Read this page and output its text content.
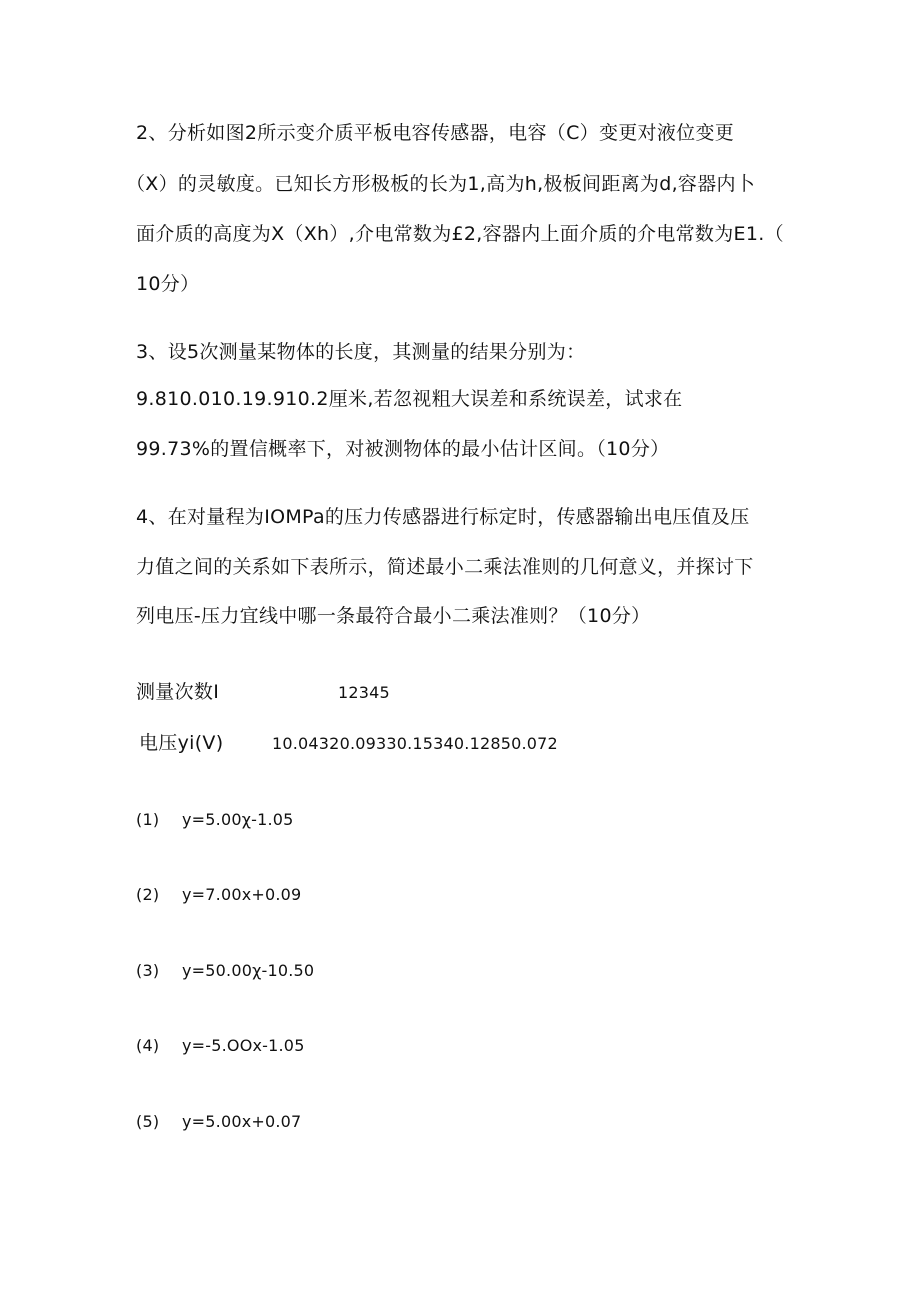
2、分析如图2所示变介质平板电容传感器，电容（C）变更对液位变更
（X）的灵敏度。已知长方形极板的长为1,高为h,极板间距离为d,容器内卜
面介质的高度为X（Xh）,介电常数为£2,容器内上面介质的介电常数为E1.（
10分）
3、设5次测量某物体的长度，其测量的结果分别为：
9.810.010.19.910.2厘米,若忽视粗大误差和系统误差，试求在
99.73%的置信概率下，对被测物体的最小估计区间。（10分）
4、在对量程为IOMPa的压力传感器进行标定时，传感器输出电压值及压
力值之间的关系如下表所示，简述最小二乘法准则的几何意义，并探讨下
列电压-压力宜线中哪一条最符合最小二乘法准则？（10分）
测量次数I	12345
电压yi(V)	10.04320.09330.15340.12850.072
(1) y=5.00χ-1.05
(2) y=7.00x+0.09
(3) y=50.00χ-10.50
(4) y=-5.OOx-1.05
(5) y=5.00x+0.07
